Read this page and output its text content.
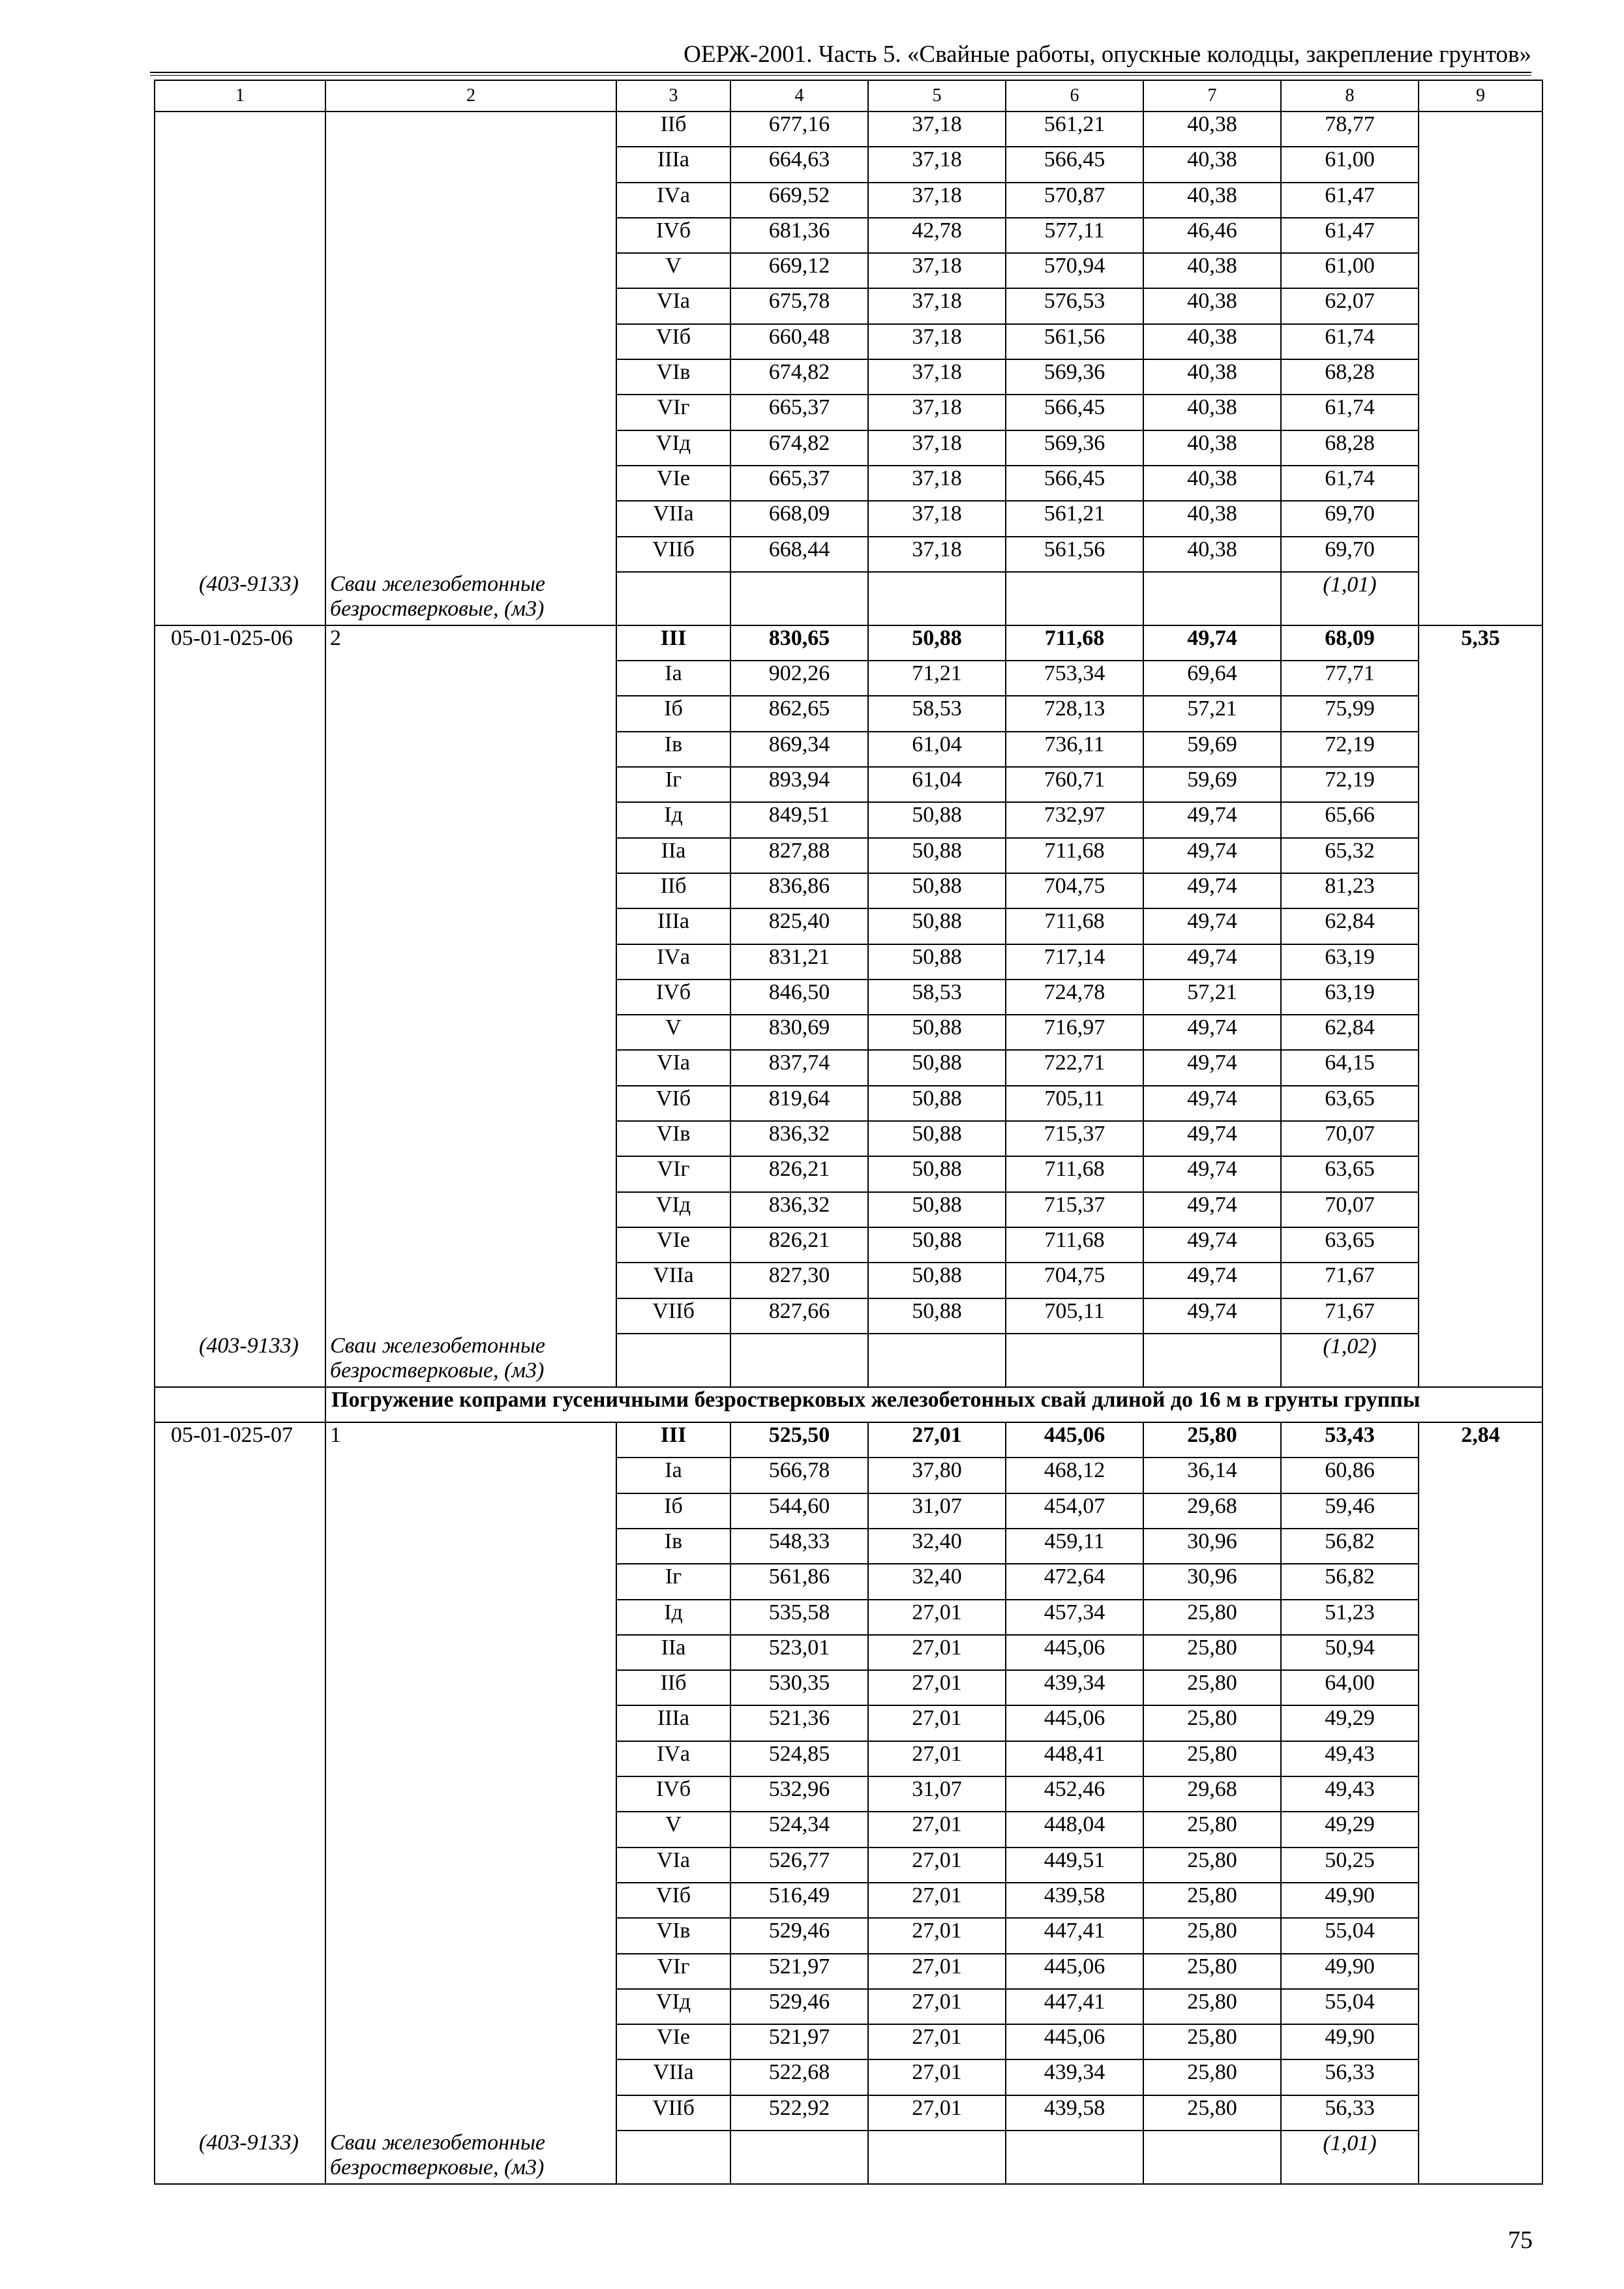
ОЕРЖ-2001. Часть 5. «Свайные работы, опускные колодцы, закрепление грунтов»
1	2	3	4	5	6	7	8	9
		IIб	677,16	37,18	561,21	40,38	78,77	
		IIIа	664,63	37,18	566,45	40,38	61,00	
		IVа	669,52	37,18	570,87	40,38	61,47	
		IVб	681,36	42,78	577,11	46,46	61,47	
		V	669,12	37,18	570,94	40,38	61,00	
		VIа	675,78	37,18	576,53	40,38	62,07	
		VIб	660,48	37,18	561,56	40,38	61,74	
		VIв	674,82	37,18	569,36	40,38	68,28	
		VIг	665,37	37,18	566,45	40,38	61,74	
		VIд	674,82	37,18	569,36	40,38	68,28	
		VIе	665,37	37,18	566,45	40,38	61,74	
		VIIа	668,09	37,18	561,21	40,38	69,70	
		VIIб	668,44	37,18	561,56	40,38	69,70	
(403-9133)	Сваи железобетонные безростверковые, (м3)						(1,01)	
05-01-025-06	2	III	830,65	50,88	711,68	49,74	68,09	5,35
		Iа	902,26	71,21	753,34	69,64	77,71	
		Iб	862,65	58,53	728,13	57,21	75,99	
		Iв	869,34	61,04	736,11	59,69	72,19	
		Iг	893,94	61,04	760,71	59,69	72,19	
		Iд	849,51	50,88	732,97	49,74	65,66	
		IIа	827,88	50,88	711,68	49,74	65,32	
		IIб	836,86	50,88	704,75	49,74	81,23	
		IIIа	825,40	50,88	711,68	49,74	62,84	
		IVа	831,21	50,88	717,14	49,74	63,19	
		IVб	846,50	58,53	724,78	57,21	63,19	
		V	830,69	50,88	716,97	49,74	62,84	
		VIа	837,74	50,88	722,71	49,74	64,15	
		VIб	819,64	50,88	705,11	49,74	63,65	
		VIв	836,32	50,88	715,37	49,74	70,07	
		VIг	826,21	50,88	711,68	49,74	63,65	
		VIд	836,32	50,88	715,37	49,74	70,07	
		VIе	826,21	50,88	711,68	49,74	63,65	
		VIIа	827,30	50,88	704,75	49,74	71,67	
		VIIб	827,66	50,88	705,11	49,74	71,67	
(403-9133)	Сваи железобетонные безростверковые, (м3)						(1,02)	
	Погружение копрами гусеничными безростверковых железобетонных свай длиной до 16 м в грунты группы							
05-01-025-07	1	III	525,50	27,01	445,06	25,80	53,43	2,84
		Iа	566,78	37,80	468,12	36,14	60,86	
		Iб	544,60	31,07	454,07	29,68	59,46	
		Iв	548,33	32,40	459,11	30,96	56,82	
		Iг	561,86	32,40	472,64	30,96	56,82	
		Iд	535,58	27,01	457,34	25,80	51,23	
		IIа	523,01	27,01	445,06	25,80	50,94	
		IIб	530,35	27,01	439,34	25,80	64,00	
		IIIа	521,36	27,01	445,06	25,80	49,29	
		IVа	524,85	27,01	448,41	25,80	49,43	
		IVб	532,96	31,07	452,46	29,68	49,43	
		V	524,34	27,01	448,04	25,80	49,29	
		VIа	526,77	27,01	449,51	25,80	50,25	
		VIб	516,49	27,01	439,58	25,80	49,90	
		VIв	529,46	27,01	447,41	25,80	55,04	
		VIг	521,97	27,01	445,06	25,80	49,90	
		VIд	529,46	27,01	447,41	25,80	55,04	
		VIе	521,97	27,01	445,06	25,80	49,90	
		VIIа	522,68	27,01	439,34	25,80	56,33	
		VIIб	522,92	27,01	439,58	25,80	56,33	
(403-9133)	Сваи железобетонные безростверковые, (м3)						(1,01)	
75
